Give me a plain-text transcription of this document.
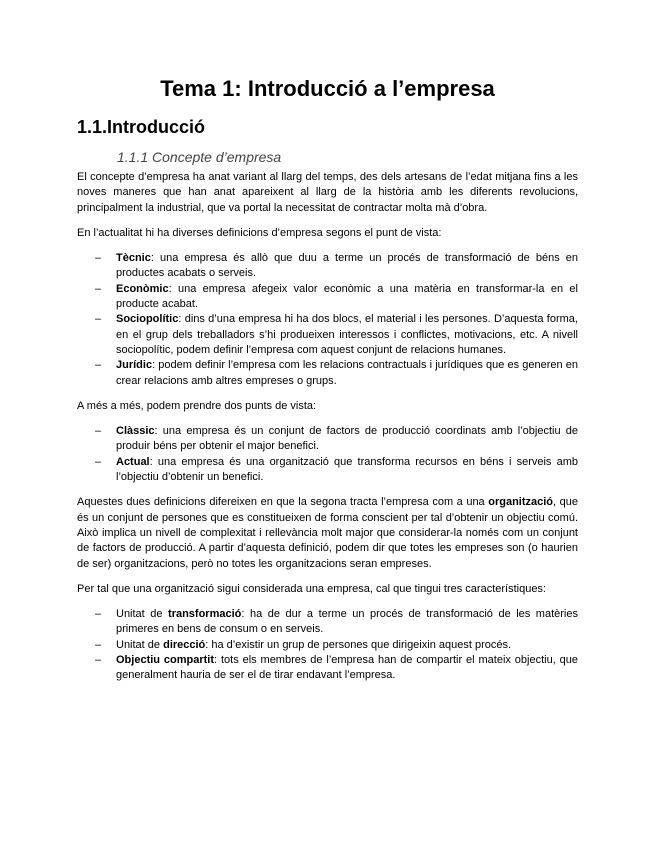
Tema 1: Introducció a l’empresa
1.1.Introducció
1.1.1 Concepte d’empresa

El concepte d’empresa ha anat variant al llarg del temps, des dels artesans de l’edat mitjana fins a les noves maneres que han anat apareixent al llarg de la història amb les diferents revolucions, principalment la industrial, que va portal la necessitat de contractar molta mà d’obra.

En l’actualitat hi ha diverses definicions d’empresa segons el punt de vista:

– Tècnic: una empresa és allò que duu a terme un procés de transformació de béns en productes acabats o serveis.
– Econòmic: una empresa afegeix valor econòmic a una matèria en transformar-la en el producte acabat.
– Sociopolític: dins d’una empresa hi ha dos blocs, el material i les persones. D’aquesta forma, en el grup dels treballadors s’hi produeixen interessos i conflictes, motivacions, etc. A nivell sociopolític, podem definir l’empresa com aquest conjunt de relacions humanes.
– Jurídic: podem definir l’empresa com les relacions contractuals i jurídiques que es generen en crear relacions amb altres empreses o grups.

A més a més, podem prendre dos punts de vista:

– Clàssic: una empresa és un conjunt de factors de producció coordinats amb l’objectiu de produir béns per obtenir el major benefici.
– Actual: una empresa és una organització que transforma recursos en béns i serveis amb l’objectiu d’obtenir un benefici.

Aquestes dues definicions difereixen en que la segona tracta l’empresa com a una organització, que és un conjunt de persones que es constitueixen de forma conscient per tal d’obtenir un objectiu comú. Això implica un nivell de complexitat i rellevància molt major que considerar-la només com un conjunt de factors de producció. A partir d’aquesta definició, podem dir que totes les empreses son (o haurien de ser) organitzacions, però no totes les organitzacions seran empreses.

Per tal que una organització sigui considerada una empresa, cal que tingui tres característiques:

– Unitat de transformació: ha de dur a terme un procés de transformació de les matèries primeres en bens de consum o en serveis.
– Unitat de direcció: ha d’existir un grup de persones que dirigeixin aquest procés.
– Objectiu compartit: tots els membres de l’empresa han de compartir el mateix objectiu, que generalment hauria de ser el de tirar endavant l’empresa.
